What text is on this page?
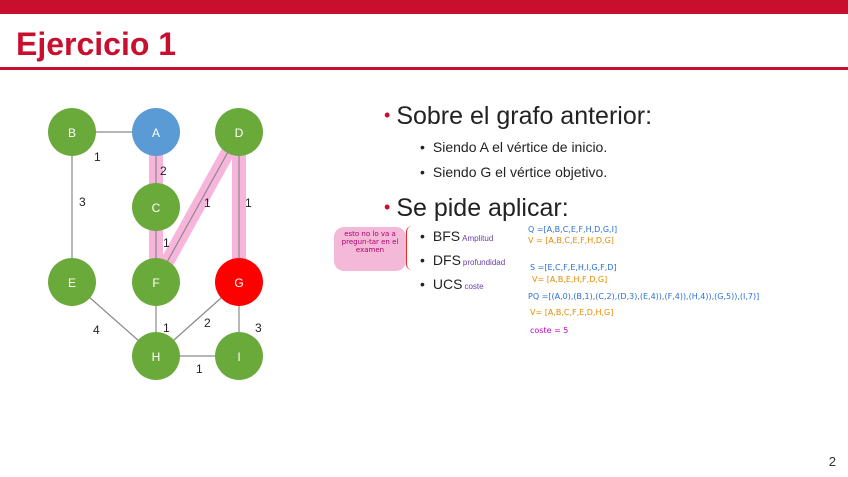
Ejercicio 1
1
3
2
1
1	1
4	1	2	3
1
B	A	D
C
E	F	G
H	I
• Sobre el grafo anterior:
• Siendo A el vértice de inicio.
• Siendo G el vértice objetivo.
• Se pide aplicar:
• BFS Amplitud
• DFS profundidad
• UCS coste
esto no lo va a pregun-tar en el examen
Q =[A,B,C,E,F,H,D,G,I]
V = [A,B,C,E,F,H,D,G]
S =[E,C,F,E,H,I,G,F,D]
V= [A,B,E,H,F,D,G]
PQ =[(A,0),(B,1),(C,2),(D,3),(E,4)),(F,4)),(H,4)),(G,5)),(I,7)]
V= [A,B,C,F,E,D,H,G]
coste = 5
2
